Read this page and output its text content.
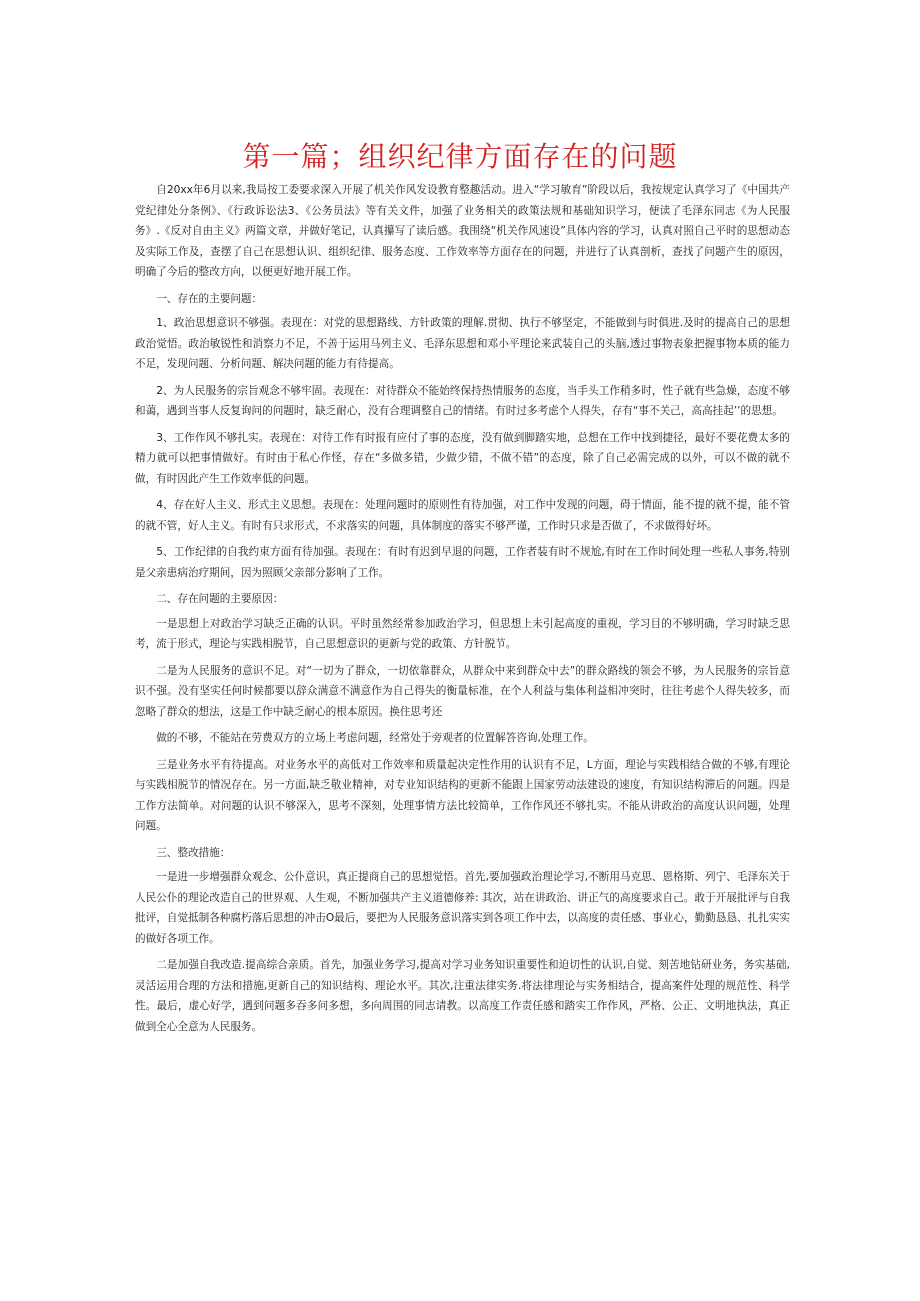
第一篇；组织纪律方面存在的问题

自20xx年6月以来,我局按工委要求深入开展了机关作风发设教育整趣活动。进入“学习敏育”阶段以后，我按规定认真学习了《中国共产党纪律处分条例》、《行政诉讼法3、《公务员法》等有关文件，加强了业务相关的政策法规和基础知识学习，便读了毛泽东同志《为人民服务》.《反对自由主义》两篇文章，并做好笔记，认真攥写了读后感。我围绕“机关作风速设”具体内容的学习，认真对照自己平时的思想动态及实际工作及，查摆了自己在思想认识、组织纪律、服务态度、工作效率等方面存在的问题，并进行了认真剖析，查找了问题产生的原因，明确了今后的整改方向，以便更好地开展工作。

一、存在的主要问题：

1、政治思想意识不够强。表现在：对党的思想路线、方针政策的理解.贯彻、执行不够坚定，不能做到与时俱进.及时的提高自己的思想政治觉悟。政治敏锐性和消察力不足，不善于运用马列主义、毛泽东思想和邓小平理论来武装自己的头脑,透过事物表象把握事物本质的能力不足，发现问题、分析问题、解决问题的能力有待提高。

2、为人民服务的宗旨观念不够牢固。表现在：对待群众不能始终保持热情服务的态度，当手头工作稍多时，性子就有些急燥，态度不够和蔼，遇到当事人反复询问的问题时，缺乏耐心，没有合理调整自己的情绪。有时过多考虑个人得失，存有“事不关己，高高挂起’’的思想。

3、工作作风不够扎实。表现在：对待工作有时报有应付了事的态度，没有做到脚踏实地，总想在工作中找到捷径，最好不要花费太多的精力就可以把事情做好。有时由于私心作怪，存在“多做多错，少做少错，不做不错”的态度，除了自己必需完成的以外，可以不做的就不做，有时因此产生工作效率低的问题。

4、存在好人主义、形式主义思想。表现在：处理问题时的原则性有待加强，对工作中发现的问题，碍于情面，能不提的就不提，能不管的就不管，好人主义。有时有只求形式，不求落实的问题，具体制度的落实不够严谨，工作时只求是否做了，不求做得好坏。

5、工作纪律的自我约束方面有待加强。表现在：有时有迟到早退的问题，工作者装有时不规尬,有时在工作时间处理一些私人事务,特别是父亲患病治疗期间，因为照顾父亲部分影响了工作。

二、存在问题的主要原因：

一是思想上对政治学习缺乏正确的认识。平时虽然经常参加政治学习，但思想上未引起高度的重视，学习目的不够明确，学习时缺乏思考，流于形式，理论与实践相脱节，自己思想意识的更新与党的政策、方针脱节。

二是为人民服务的意识不足。对“一切为了群众，一切依靠群众，从群众中来到群众中去”的群众路线的领会不够，为人民服务的宗旨意识不强。没有坚实任何时候都要以辞众满意不满意作为自己得失的衡量标准，在个人利益与集体利益相冲突时，往往考虑个人得失较多，而忽略了群众的想法，这是工作中缺乏耐心的根本原因。换住思考还

做的不够，不能站在劳费双方的立场上考虑问题，经常处于旁观者的位置解答咨询,处理工作。

三是业务水平有待提高。对业务水平的高低对工作效率和质量起决定性作用的认识有不足，L方面，理论与实践相结合做的不够,有理论与实践相脱节的情况存在。另一方面,缺乏敬业精神，对专业知识结构的更新不能跟上国家劳动法建设的速度，有知识结构滞后的问题。四是工作方法简单。对问题的认识不够深入，思考不深刻，处理事情方法比较简单，工作作风还不够扎实。不能从讲政治的高度认识问题，处理问题。

三、整改措施：

一是进一步增强群众观念、公仆意识，真正提商自己的思想觉悟。首先,要加强政治理论学习,不断用马克思、恩格斯、列宁、毛泽东关于人民公仆的理论改造自己的世界观、人生观，不断加强共产主义道德修养: 其次，站在讲政治、讲正气的高度要求自己。敢于开展批评与自我批评，自觉抵制各种腐朽落后思想的冲击O最后，要把为人民服务意识落实到各项工作中去，以高度的责任感、事业心，勤勤恳恳、扎扎实实的做好各项工作。

二是加强自我改造.提高综合亲质。首先，加强业务学习,提高对学习业务知识重要性和迫切性的认识,自觉、刻苦地钻研业务，务实基础,灵活运用合理的方法和措施,更新自己的知识结构、理论水平。其次,注重法律实务.将法律理论与实务相结合，提高案件处理的规范性、科学性。最后，虚心好学，遇到问题多吞多问多想，多向周围的同志请教。以高度工作责任感和踏实工作作风，严格、公正、文明地执法，真正做到全心全意为人民服务。
